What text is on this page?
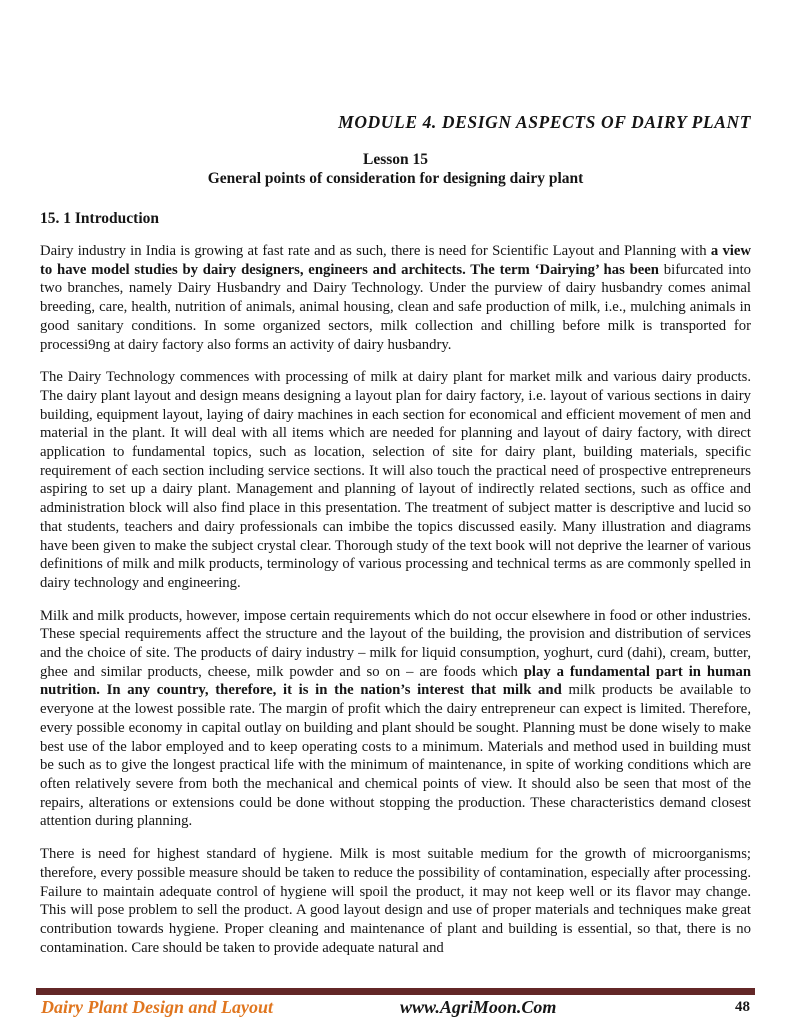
MODULE 4. DESIGN ASPECTS OF DAIRY PLANT
Lesson 15
General points of consideration for designing dairy plant
15. 1 Introduction

Dairy industry in India is growing at fast rate and as such, there is need for Scientific Layout and Planning with a view to have model studies by dairy designers, engineers and architects. The term ‘Dairying’ has been bifurcated into two branches, namely Dairy Husbandry and Dairy Technology. Under the purview of dairy husbandry comes animal breeding, care, health, nutrition of animals, animal housing, clean and safe production of milk, i.e., mulching animals in good sanitary conditions. In some organized sectors, milk collection and chilling before milk is transported for processi9ng at dairy factory also forms an activity of dairy husbandry.

The Dairy Technology commences with processing of milk at dairy plant for market milk and various dairy products. The dairy plant layout and design means designing a layout plan for dairy factory, i.e. layout of various sections in dairy building, equipment layout, laying of dairy machines in each section for economical and efficient movement of men and material in the plant. It will deal with all items which are needed for planning and layout of dairy factory, with direct application to fundamental topics, such as location, selection of site for dairy plant, building materials, specific requirement of each section including service sections. It will also touch the practical need of prospective entrepreneurs aspiring to set up a dairy plant. Management and planning of layout of indirectly related sections, such as office and administration block will also find place in this presentation. The treatment of subject matter is descriptive and lucid so that students, teachers and dairy professionals can imbibe the topics discussed easily. Many illustration and diagrams have been given to make the subject crystal clear. Thorough study of the text book will not deprive the learner of various definitions of milk and milk products, terminology of various processing and technical terms as are commonly spelled in dairy technology and engineering.

Milk and milk products, however, impose certain requirements which do not occur elsewhere in food or other industries. These special requirements affect the structure and the layout of the building, the provision and distribution of services and the choice of site. The products of dairy industry – milk for liquid consumption, yoghurt, curd (dahi), cream, butter, ghee and similar products, cheese, milk powder and so on – are foods which play a fundamental part in human nutrition. In any country, therefore, it is in the nation’s interest that milk and milk products be available to everyone at the lowest possible rate. The margin of profit which the dairy entrepreneur can expect is limited. Therefore, every possible economy in capital outlay on building and plant should be sought. Planning must be done wisely to make best use of the labor employed and to keep operating costs to a minimum. Materials and method used in building must be such as to give the longest practical life with the minimum of maintenance, in spite of working conditions which are often relatively severe from both the mechanical and chemical points of view. It should also be seen that most of the repairs, alterations or extensions could be done without stopping the production. These characteristics demand closest attention during planning.

There is need for highest standard of hygiene. Milk is most suitable medium for the growth of microorganisms; therefore, every possible measure should be taken to reduce the possibility of contamination, especially after processing. Failure to maintain adequate control of hygiene will spoil the product, it may not keep well or its flavor may change. This will pose problem to sell the product. A good layout design and use of proper materials and techniques make great contribution towards hygiene. Proper cleaning and maintenance of plant and building is essential, so that, there is no contamination. Care should be taken to provide adequate natural and

Dairy Plant Design and Layout	www.AgriMoon.Com	48
